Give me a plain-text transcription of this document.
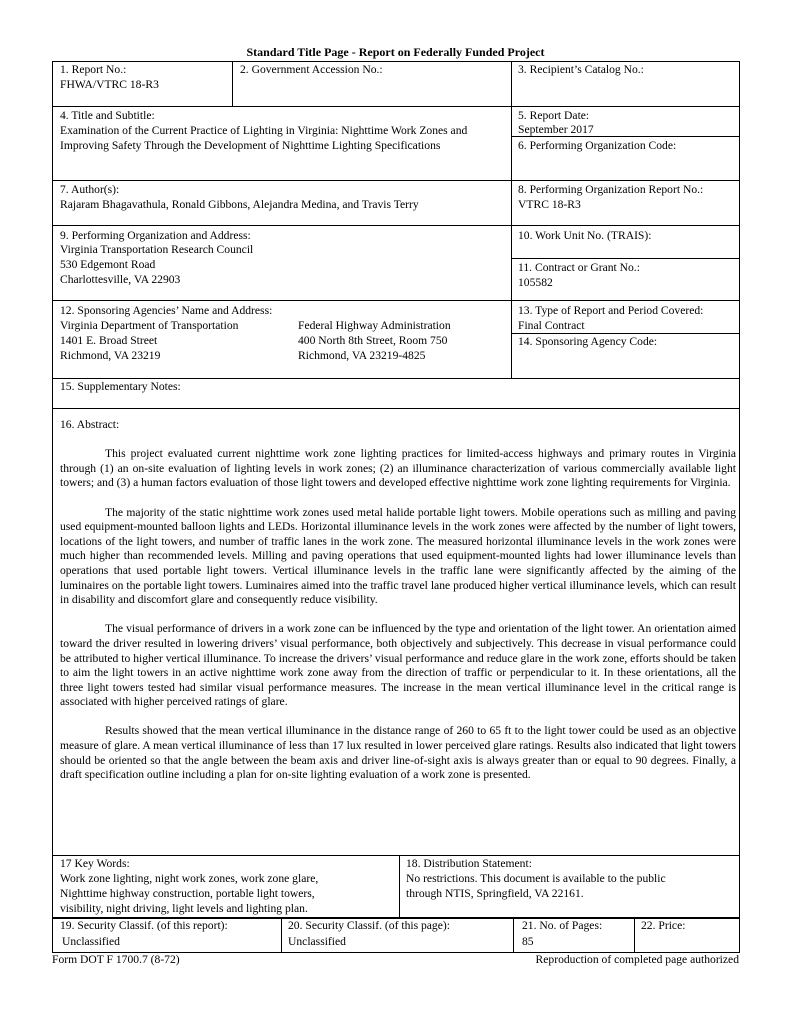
Standard Title Page - Report on Federally Funded Project
1. Report No.:
FHWA/VTRC 18-R3
2. Government Accession No.:	3. Recipient’s Catalog No.:
4. Title and Subtitle:
Examination of the Current Practice of Lighting in Virginia: Nighttime Work Zones and Improving Safety Through the Development of Nighttime Lighting Specifications
5. Report Date:
September 2017
6. Performing Organization Code:
7. Author(s):
Rajaram Bhagavathula, Ronald Gibbons, Alejandra Medina, and Travis Terry
8. Performing Organization Report No.:
VTRC 18-R3
9. Performing Organization and Address:
Virginia Transportation Research Council
530 Edgemont Road
Charlottesville, VA 22903
10. Work Unit No. (TRAIS):
11. Contract or Grant No.:
105582
12. Sponsoring Agencies’ Name and Address:
Virginia Department of Transportation
1401 E. Broad Street
Richmond, VA 23219
Federal Highway Administration
400 North 8th Street, Room 750
Richmond, VA 23219-4825
13. Type of Report and Period Covered:
Final Contract
14. Sponsoring Agency Code:
15. Supplementary Notes:
16. Abstract:

This project evaluated current nighttime work zone lighting practices for limited-access highways and primary routes in Virginia through (1) an on-site evaluation of lighting levels in work zones; (2) an illuminance characterization of various commercially available light towers; and (3) a human factors evaluation of those light towers and developed effective nighttime work zone lighting requirements for Virginia.

The majority of the static nighttime work zones used metal halide portable light towers. Mobile operations such as milling and paving used equipment-mounted balloon lights and LEDs. Horizontal illuminance levels in the work zones were affected by the number of light towers, locations of the light towers, and number of traffic lanes in the work zone. The measured horizontal illuminance levels in the work zones were much higher than recommended levels. Milling and paving operations that used equipment-mounted lights had lower illuminance levels than operations that used portable light towers. Vertical illuminance levels in the traffic lane were significantly affected by the aiming of the luminaires on the portable light towers. Luminaires aimed into the traffic travel lane produced higher vertical illuminance levels, which can result in disability and discomfort glare and consequently reduce visibility.

The visual performance of drivers in a work zone can be influenced by the type and orientation of the light tower. An orientation aimed toward the driver resulted in lowering drivers’ visual performance, both objectively and subjectively. This decrease in visual performance could be attributed to higher vertical illuminance. To increase the drivers’ visual performance and reduce glare in the work zone, efforts should be taken to aim the light towers in an active nighttime work zone away from the direction of traffic or perpendicular to it. In these orientations, all the three light towers tested had similar visual performance measures. The increase in the mean vertical illuminance level in the critical range is associated with higher perceived ratings of glare.

Results showed that the mean vertical illuminance in the distance range of 260 to 65 ft to the light tower could be used as an objective measure of glare. A mean vertical illuminance of less than 17 lux resulted in lower perceived glare ratings. Results also indicated that light towers should be oriented so that the angle between the beam axis and driver line-of-sight axis is always greater than or equal to 90 degrees. Finally, a draft specification outline including a plan for on-site lighting evaluation of a work zone is presented.

17 Key Words:
Work zone lighting, night work zones, work zone glare,
Nighttime highway construction, portable light towers,
visibility, night driving, light levels and lighting plan.
18. Distribution Statement:
No restrictions. This document is available to the public
through NTIS, Springfield, VA 22161.
19. Security Classif. (of this report):
Unclassified
20. Security Classif. (of this page):
Unclassified
21. No. of Pages:
85
22. Price:
Form DOT F 1700.7 (8-72)	Reproduction of completed page authorized
